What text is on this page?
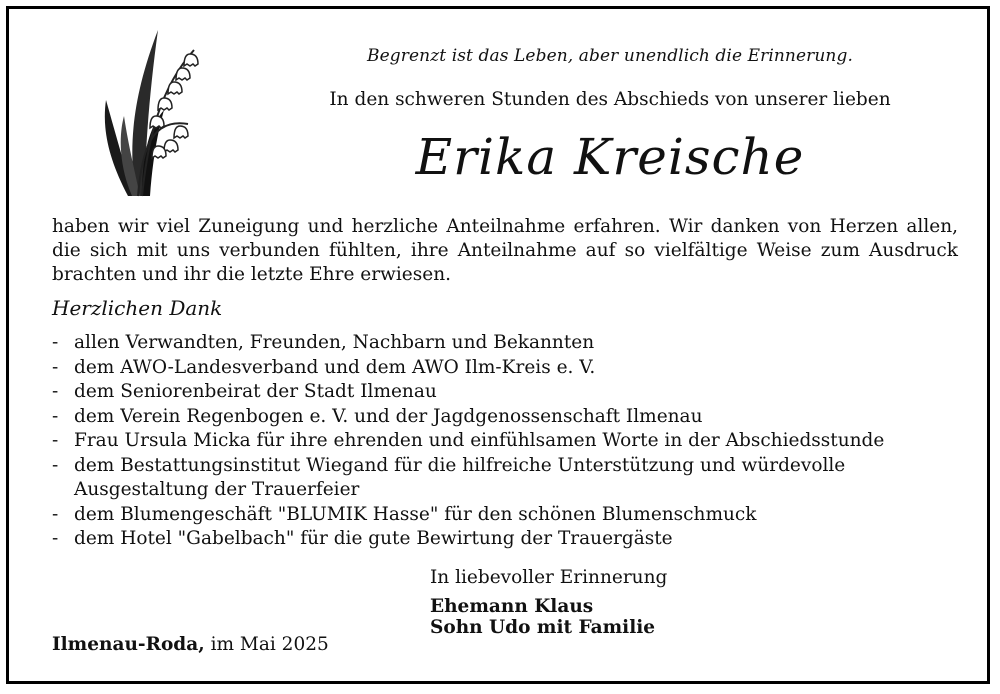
Begrenzt ist das Leben, aber unendlich die Erinnerung.
In den schweren Stunden des Abschieds von unserer lieben
Erika Kreische
haben wir viel Zuneigung und herzliche Anteilnahme erfahren. Wir danken von Herzen allen, die sich mit uns verbunden fühlten, ihre Anteilnahme auf so vielfältige Weise zum Ausdruck brachten und ihr die letzte Ehre erwiesen.
Herzlichen Dank
- allen Verwandten, Freunden, Nachbarn und Bekannten
- dem AWO-Landesverband und dem AWO Ilm-Kreis e. V.
- dem Seniorenbeirat der Stadt Ilmenau
- dem Verein Regenbogen e. V. und der Jagdgenossenschaft Ilmenau
- Frau Ursula Micka für ihre ehrenden und einfühlsamen Worte in der Abschiedsstunde
- dem Bestattungsinstitut Wiegand für die hilfreiche Unterstützung und würdevolle Ausgestaltung der Trauerfeier
- dem Blumengeschäft "BLUMIK Hasse" für den schönen Blumenschmuck
- dem Hotel "Gabelbach" für die gute Bewirtung der Trauergäste
In liebevoller Erinnerung
Ehemann Klaus
Sohn Udo mit Familie
Ilmenau-Roda, im Mai 2025
